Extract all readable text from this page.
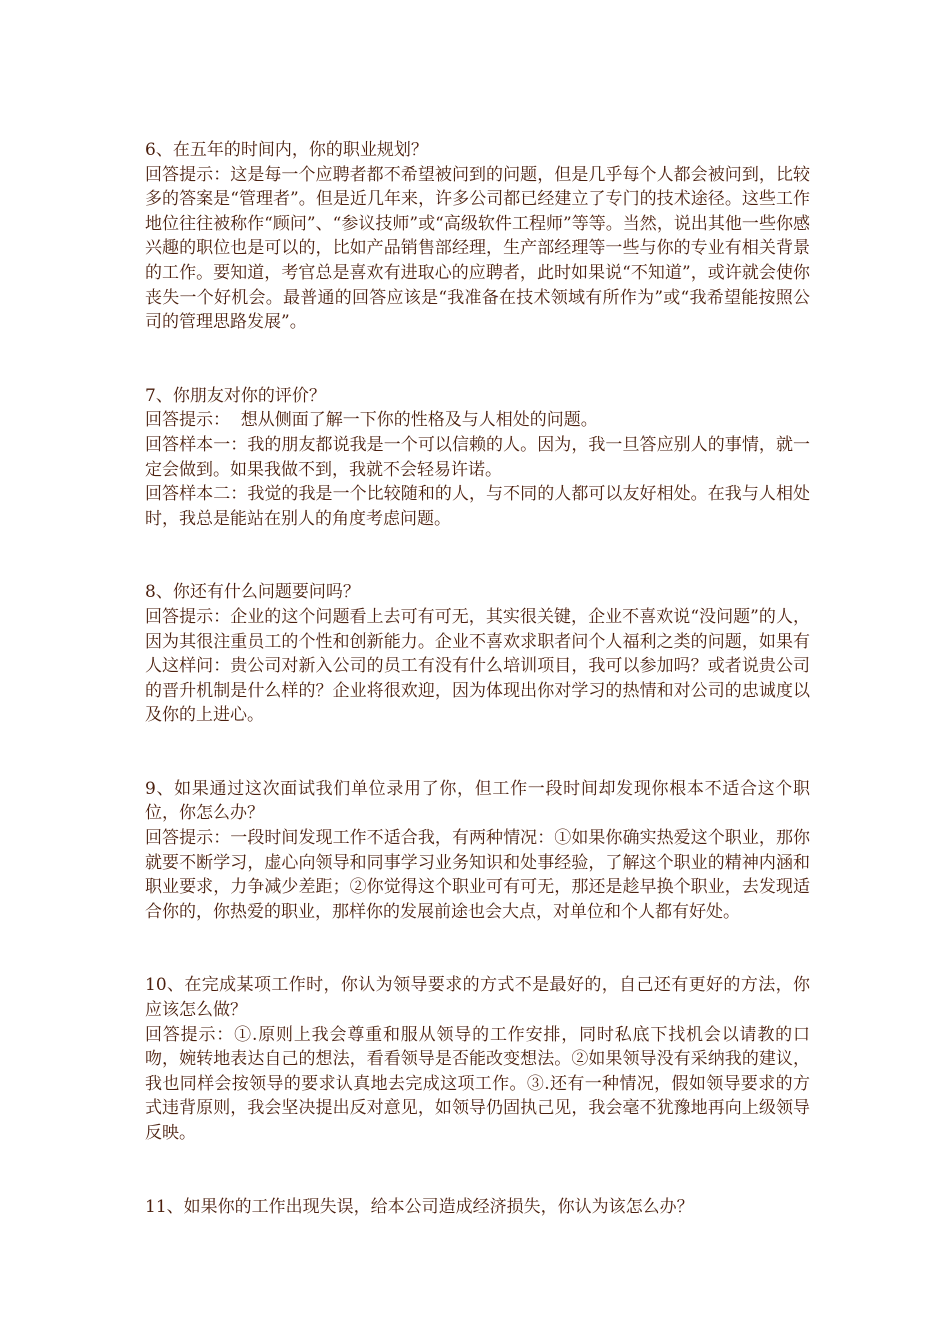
6、在五年的时间内，你的职业规划？

回答提示：这是每一个应聘者都不希望被问到的问题，但是几乎每个人都会被问到，比较多的答案是“管理者”。但是近几年来，许多公司都已经建立了专门的技术途径。这些工作地位往往被称作“顾问”、“参议技师”或“高级软件工程师”等等。当然，说出其他一些你感兴趣的职位也是可以的，比如产品销售部经理，生产部经理等一些与你的专业有相关背景的工作。要知道，考官总是喜欢有进取心的应聘者，此时如果说“不知道”，或许就会使你丧失一个好机会。最普通的回答应该是“我准备在技术领域有所作为”或“我希望能按照公司的管理思路发展”。

7、你朋友对你的评价？

回答提示：  想从侧面了解一下你的性格及与人相处的问题。

回答样本一：我的朋友都说我是一个可以信赖的人。因为，我一旦答应别人的事情，就一定会做到。如果我做不到，我就不会轻易许诺。

回答样本二：我觉的我是一个比较随和的人，与不同的人都可以友好相处。在我与人相处时，我总是能站在别人的角度考虑问题。

8、你还有什么问题要问吗？

回答提示：企业的这个问题看上去可有可无，其实很关键，企业不喜欢说“没问题”的人，因为其很注重员工的个性和创新能力。企业不喜欢求职者问个人福利之类的问题，如果有人这样问：贵公司对新入公司的员工有没有什么培训项目，我可以参加吗？或者说贵公司的晋升机制是什么样的？企业将很欢迎，因为体现出你对学习的热情和对公司的忠诚度以及你的上进心。

9、如果通过这次面试我们单位录用了你，但工作一段时间却发现你根本不适合这个职位，你怎么办？

回答提示：一段时间发现工作不适合我，有两种情况：①如果你确实热爱这个职业，那你就要不断学习，虚心向领导和同事学习业务知识和处事经验，了解这个职业的精神内涵和职业要求，力争减少差距；②你觉得这个职业可有可无，那还是趁早换个职业，去发现适合你的，你热爱的职业，那样你的发展前途也会大点，对单位和个人都有好处。

10、在完成某项工作时，你认为领导要求的方式不是最好的，自己还有更好的方法，你应该怎么做？

回答提示：①.原则上我会尊重和服从领导的工作安排，同时私底下找机会以请教的口吻，婉转地表达自己的想法，看看领导是否能改变想法。②如果领导没有采纳我的建议，我也同样会按领导的要求认真地去完成这项工作。③.还有一种情况，假如领导要求的方式违背原则，我会坚决提出反对意见，如领导仍固执己见，我会毫不犹豫地再向上级领导反映。

11、如果你的工作出现失误，给本公司造成经济损失，你认为该怎么办？
